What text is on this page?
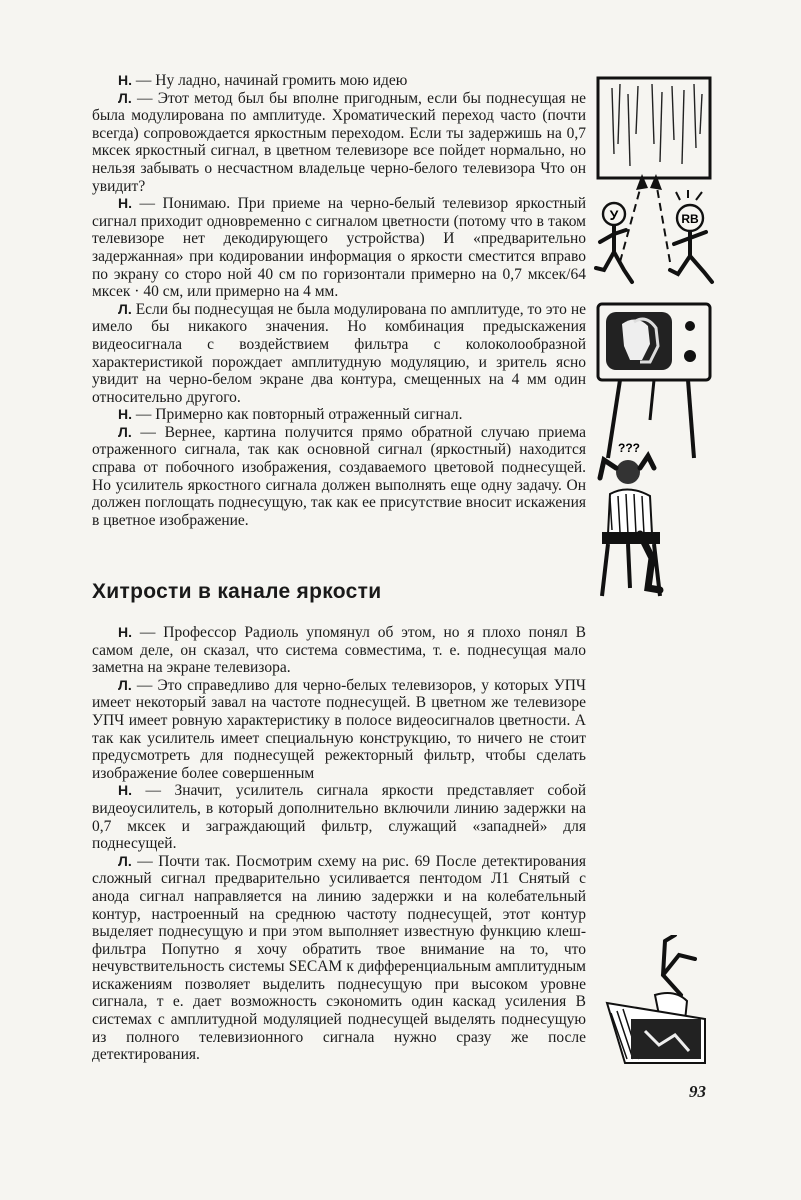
Н. — Ну ладно, начинай громить мою идею

Л. — Этот метод был бы вполне пригодным, если бы поднесущая не была модулирована по амплитуде. Хроматический переход часто (почти всегда) сопровождается яркостным переходом. Если ты задержишь на 0,7 мксек яркостный сигнал, в цветном телевизоре все пойдет нормально, но нельзя забывать о несчастном владельце черно-белого телевизора Что он увидит?

Н. — Понимаю. При приеме на черно-белый телевизор яркостный сигнал приходит одновременно с сигналом цветности (потому что в таком телевизоре нет декодирующего устройства) И «предварительно задержанная» при кодировании информация о яркости сместится вправо по экрану со сторо ной 40 см по горизонтали примерно на 0,7 мксек/64 мксек · 40 см, или примерно на 4 мм.

Л. Если бы поднесущая не была модулирована по амплитуде, то это не имело бы никакого значения. Но комбинация предыскажения видеосигнала с воздействием фильтра с колоколообразной характеристикой порождает амплитудную модуляцию, и зритель ясно увидит на черно-белом экране два контура, смещенных на 4 мм один относительно другого.

Н. — Примерно как повторный отраженный сигнал.

Л. — Вернее, картина получится прямо обратной случаю приема отраженного сигнала, так как основной сигнал (яркостный) находится справа от побочного изображения, создаваемого цветовой поднесущей. Но усилитель яркостного сигнала должен выполнять еще одну задачу. Он должен поглощать поднесущую, так как ее присутствие вносит искажения в цветное изображение.

Хитрости в канале яркости

Н. — Профессор Радиоль упомянул об этом, но я плохо понял В самом деле, он сказал, что система совместима, т. е. поднесущая мало заметна на экране телевизора.

Л. — Это справедливо для черно-белых телевизоров, у которых УПЧ имеет некоторый завал на частоте поднесущей. В цветном же телевизоре УПЧ имеет ровную характеристику в полосе видеосигналов цветности. А так как усилитель имеет специальную конструкцию, то ничего не стоит предусмотреть для поднесущей режекторный фильтр, чтобы сделать изображение более совершенным

Н. — Значит, усилитель сигнала яркости представляет собой видеоусилитель, в который дополнительно включили линию задержки на 0,7 мксек и заграждающий фильтр, служащий «западней» для поднесущей.

Л. — Почти так. Посмотрим схему на рис. 69 После детектирования сложный сигнал предварительно усиливается пентодом Л1 Снятый с анода сигнал направляется на линию задержки и на колебательный контур, настроенный на среднюю частоту поднесущей, этот контур выделяет поднесущую и при этом выполняет известную функцию клеш-фильтра Попутно я хочу обратить твое внимание на то, что нечувствительность системы SECAM к дифференциальным амплитудным искажениям позволяет выделить поднесущую при высоком уровне сигнала, т е. дает возможность сэкономить один каскад усиления В системах с амплитудной модуляцией поднесущей выделять поднесущую из полного телевизионного сигнала нужно сразу же после детектирования.

У	RB
???

93
